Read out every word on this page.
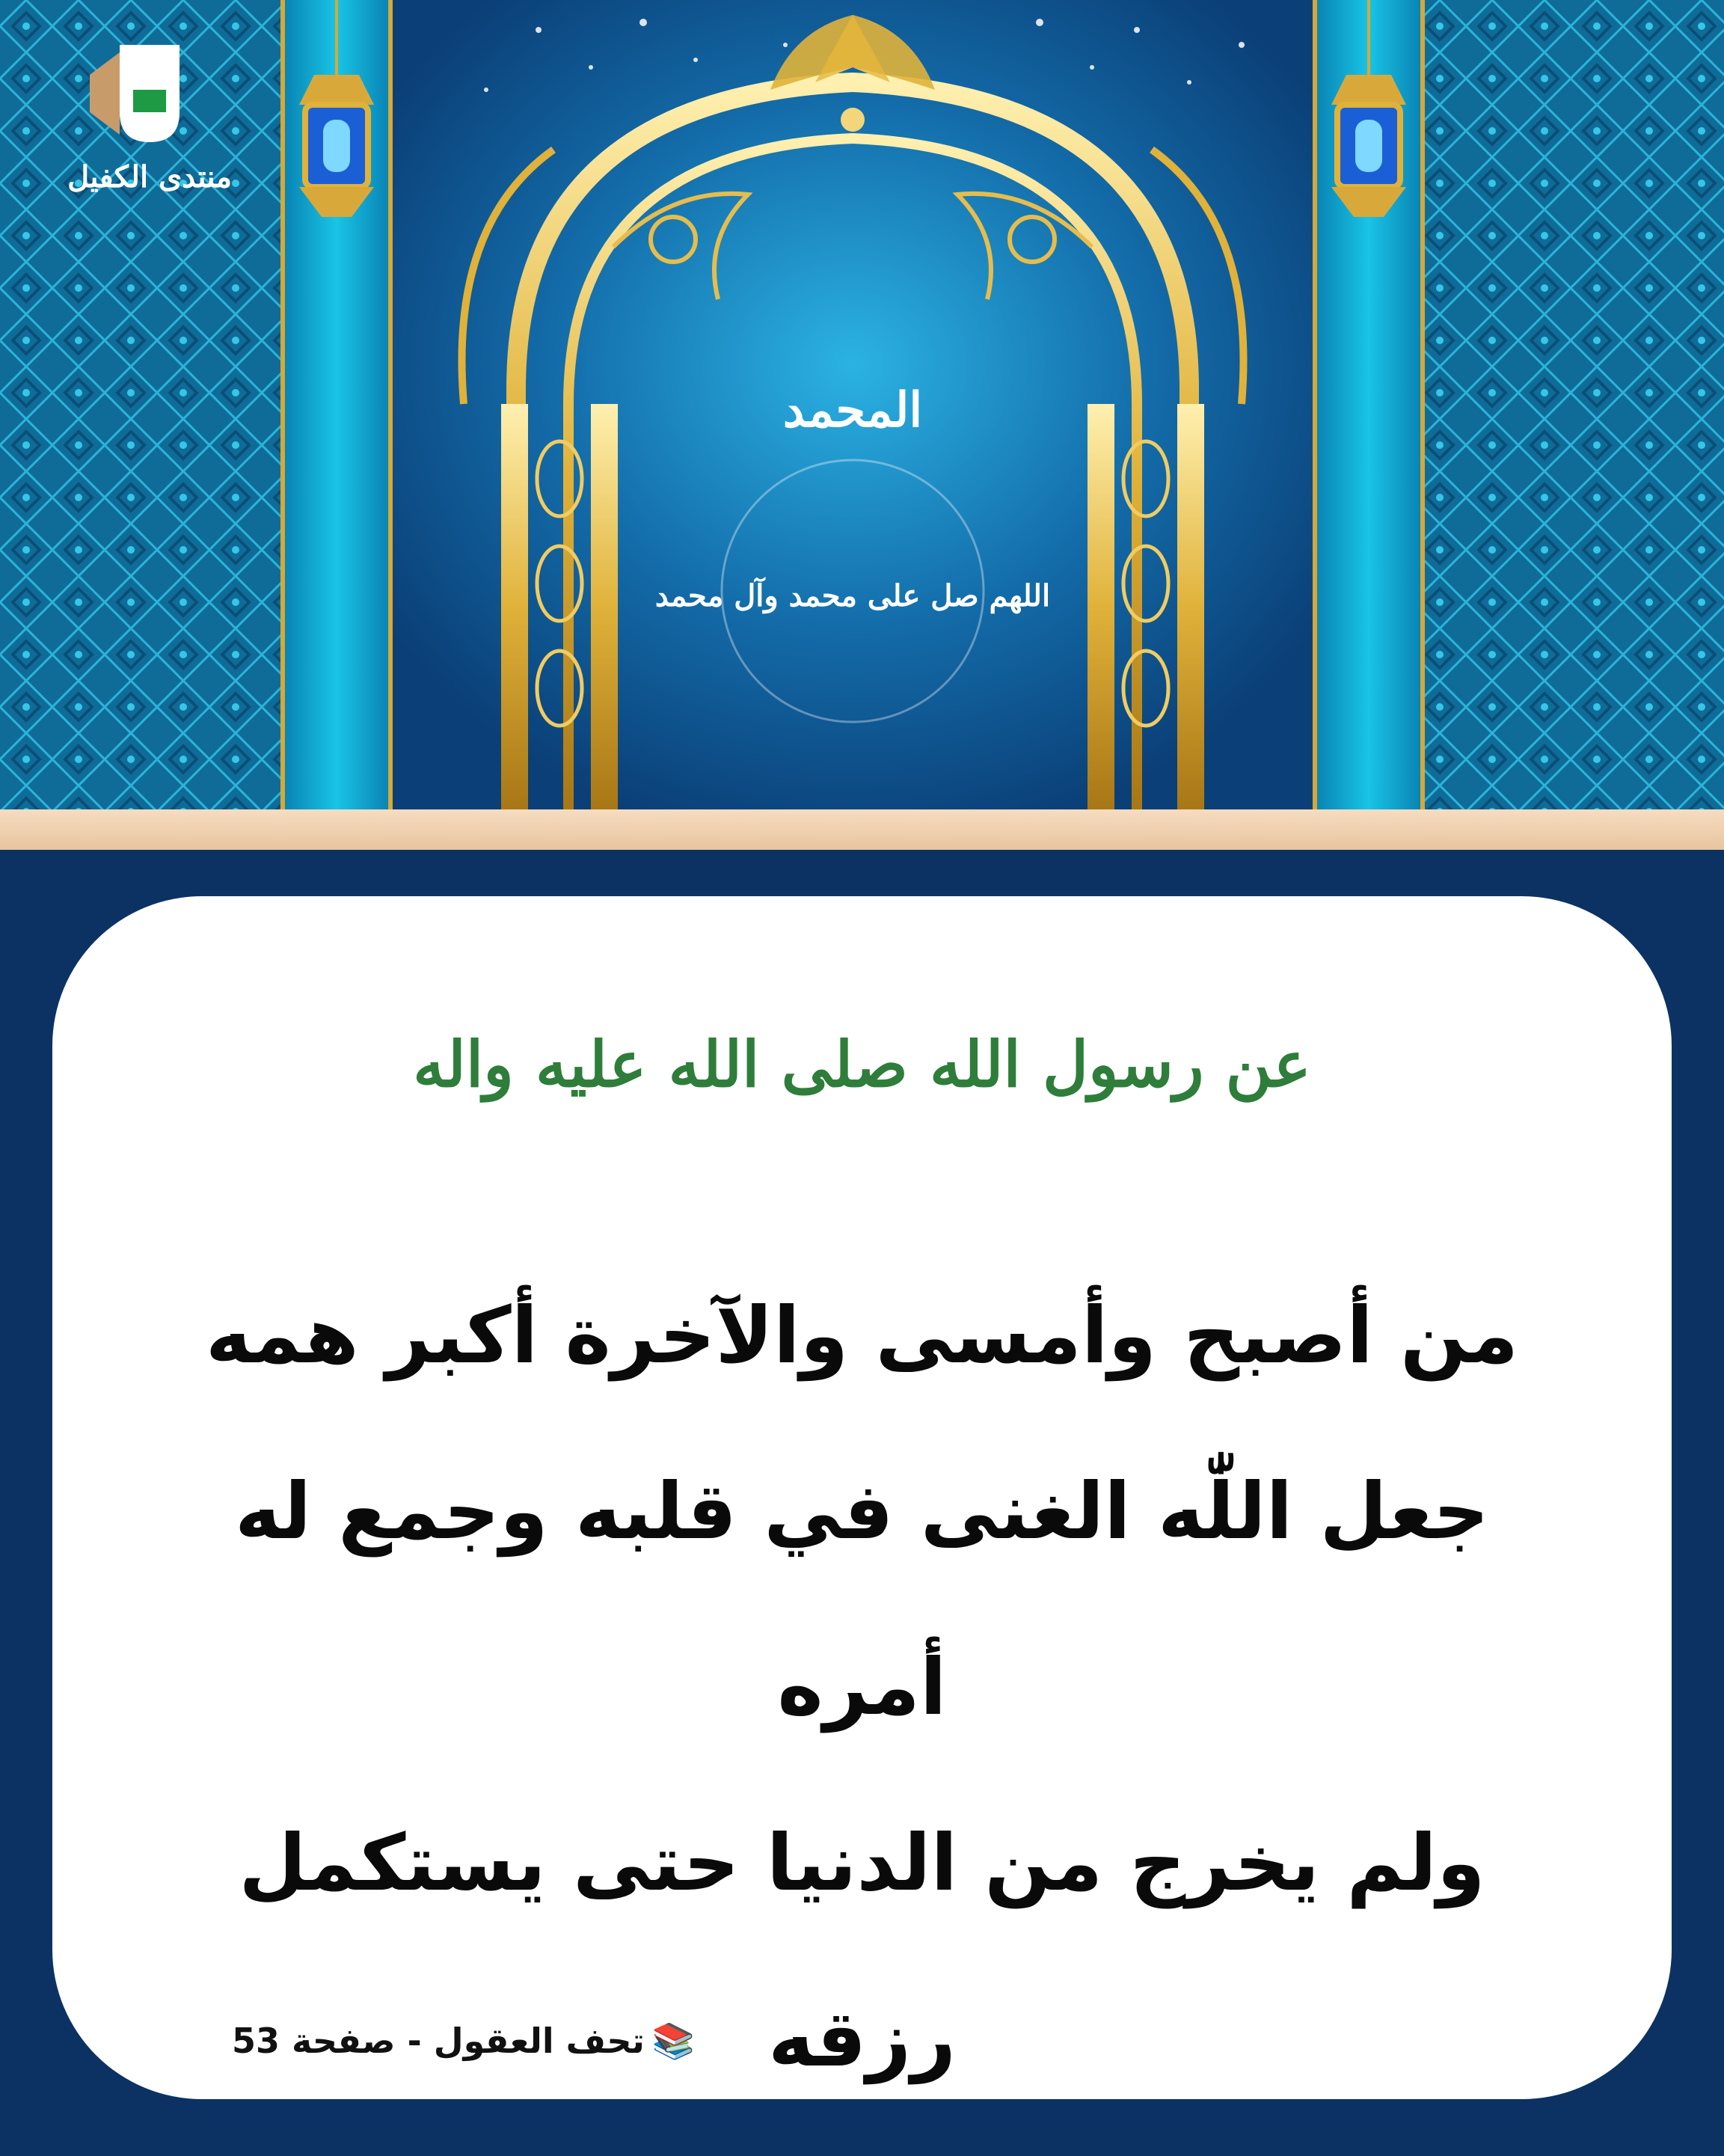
منتدى الكفيل
المحمد
اللهم صل على محمد وآل محمد
عن رسول الله صلى الله عليه واله
من أصبح وأمسى والآخرة أكبر همه
جعل اللّٰه الغنى في قلبه وجمع له أمره
ولم يخرج من الدنيا حتى يستكمل
رزقه
📚تحف العقول - صفحة 53
